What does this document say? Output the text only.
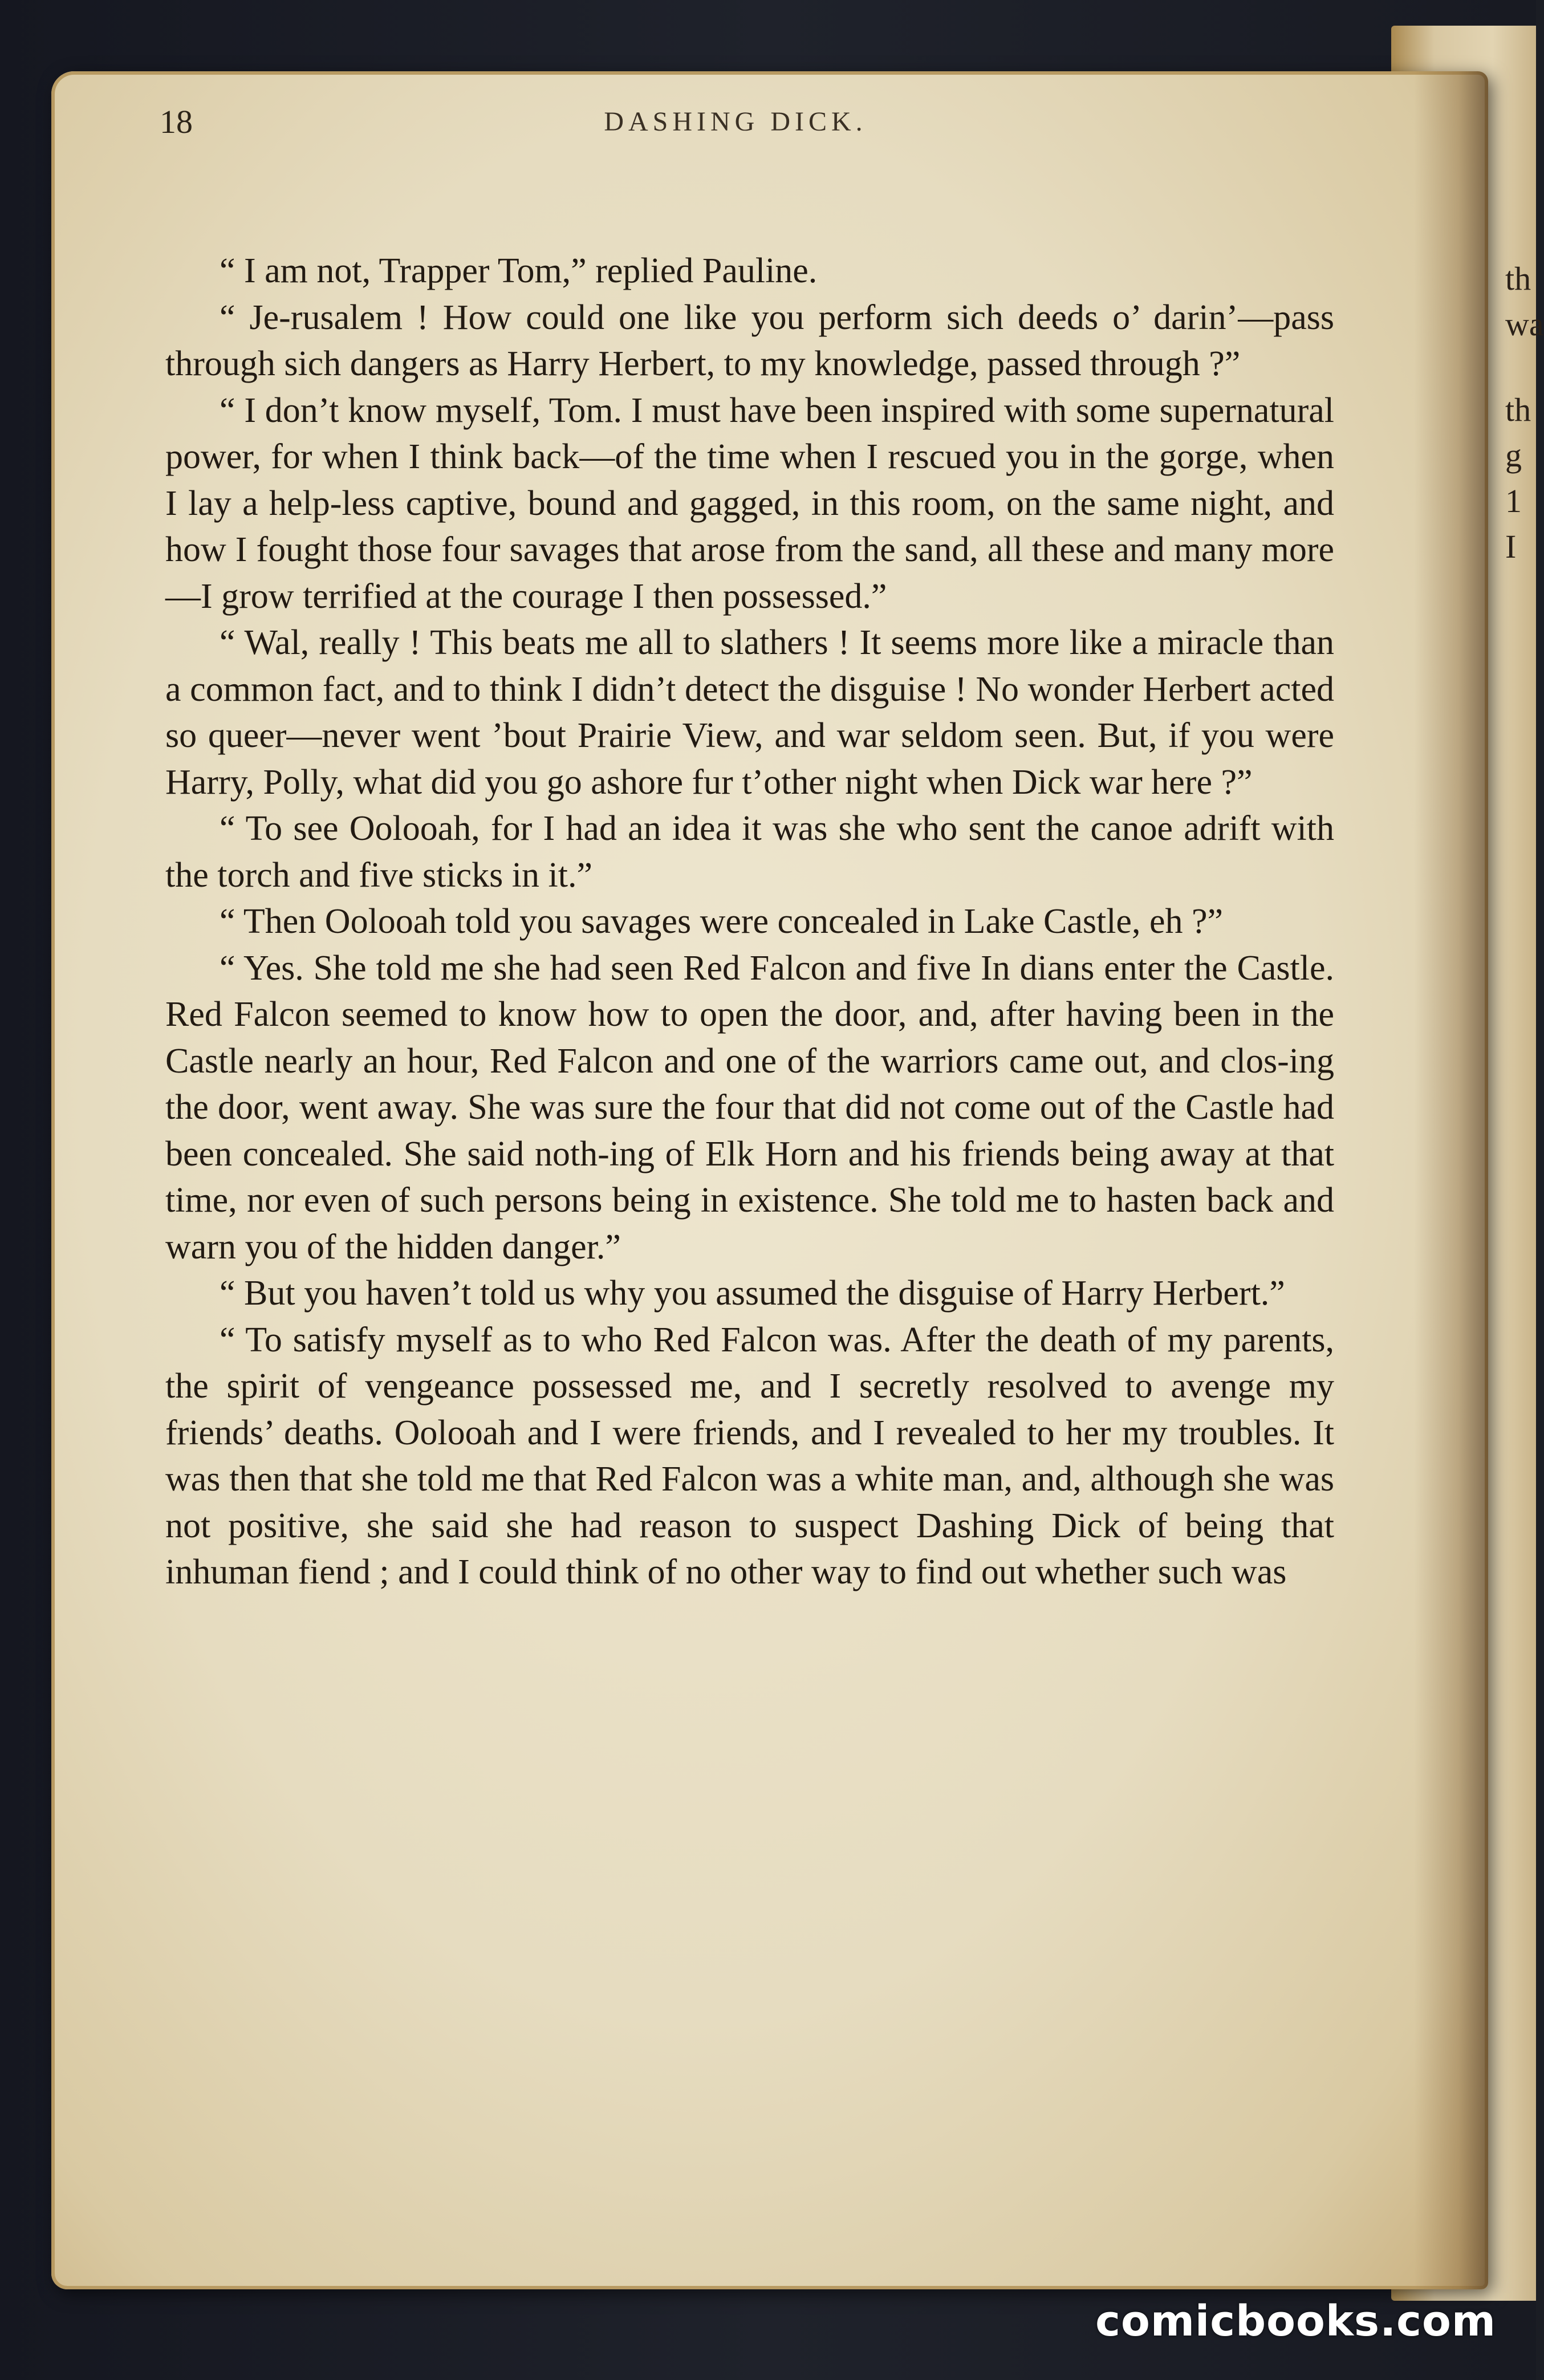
th
wa
th
g
1
I
18	DASHING DICK.

“ I am not, Trapper Tom,” replied Pauline.

“ Je-rusalem ! How could one like you perform sich deeds o’ darin’—pass through sich dangers as Harry Herbert, to my knowledge, passed through ?”

“ I don’t know myself, Tom. I must have been inspired with some supernatural power, for when I think back—of the time when I rescued you in the gorge, when I lay a help-less captive, bound and gagged, in this room, on the same night, and how I fought those four savages that arose from the sand, all these and many more—I grow terrified at the courage I then possessed.”

“ Wal, really ! This beats me all to slathers ! It seems more like a miracle than a common fact, and to think I didn’t detect the disguise ! No wonder Herbert acted so queer—never went ’bout Prairie View, and war seldom seen. But, if you were Harry, Polly, what did you go ashore fur t’other night when Dick war here ?”

“ To see Oolooah, for I had an idea it was she who sent the canoe adrift with the torch and five sticks in it.”

“ Then Oolooah told you savages were concealed in Lake Castle, eh ?”

“ Yes. She told me she had seen Red Falcon and five In dians enter the Castle. Red Falcon seemed to know how to open the door, and, after having been in the Castle nearly an hour, Red Falcon and one of the warriors came out, and clos-ing the door, went away. She was sure the four that did not come out of the Castle had been concealed. She said noth-ing of Elk Horn and his friends being away at that time, nor even of such persons being in existence. She told me to hasten back and warn you of the hidden danger.”

“ But you haven’t told us why you assumed the disguise of Harry Herbert.”

“ To satisfy myself as to who Red Falcon was. After the death of my parents, the spirit of vengeance possessed me, and I secretly resolved to avenge my friends’ deaths. Oolooah and I were friends, and I revealed to her my troubles. It was then that she told me that Red Falcon was a white man, and, although she was not positive, she said she had reason to suspect Dashing Dick of being that inhuman fiend ; and I could think of no other way to find out whether such was

comicbooks.com
